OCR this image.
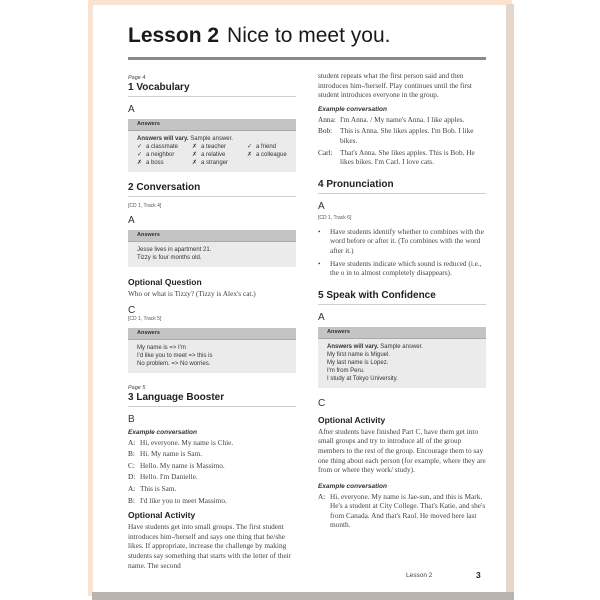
Lesson 2 Nice to meet you.
Page 4
1 Vocabulary
A
Answers
Answers will vary. Sample answer.
✓ a classmate	✗ a teacher	✓ a friend
✓ a neighbor	✗ a relative	✗ a colleague
✗ a boss	✗ a stranger
2 Conversation
[CD 1, Track 4]
A
Answers
Jesse lives in apartment 21.
Tizzy is four months old.
Optional Question
Who or what is Tizzy? (Tizzy is Alex's cat.)
C
[CD 1, Track 5]
Answers
My name is => I'm
I'd like you to meet => this is
No problem. => No worries.
Page 5
3 Language Booster
B
Example conversation
A: Hi, everyone. My name is Chie.
B: Hi. My name is Sam.
C: Hello. My name is Massimo.
D: Hello. I'm Danielle.
A: This is Sam.
B: I'd like you to meet Massimo.
Optional Activity
Have students get into small groups. The first student introduces him-/herself and says one thing that he/she likes. If appropriate, increase the challenge by making students say something that starts with the letter of their name. The second
student repeats what the first person said and then introduces him-/herself. Play continues until the first student introduces everyone in the group.
Example conversation
Anna: I'm Anna. / My name's Anna. I like apples.
Bob:	This is Anna. She likes apples. I'm Bob. I like bikes.
Carl:	That's Anna. She likes apples. This is Bob. He likes bikes. I'm Carl. I love cats.
4 Pronunciation
A
[CD 1, Track 6]
• Have students identify whether to combines with the word before or after it. (To combines with the word after it.)
• Have students indicate which sound is reduced (i.e., the o in to almost completely disappears).
5 Speak with Confidence
A
Answers
Answers will vary. Sample answer.
My first name is Miguel.
My last name is Lopez.
I'm from Peru.
I study at Tokyo University.
C
Optional Activity
After students have finished Part C, have them get into small groups and try to introduce all of the group members to the rest of the group. Encourage them to say one thing about each person (for example, where they are from or where they work/ study).
Example conversation
A: Hi, everyone. My name is Jae-sun, and this is Mark. He's a student at City College. That's Katie, and she's from Canada. And that's Raul. He moved here last month.
Lesson 2	3
